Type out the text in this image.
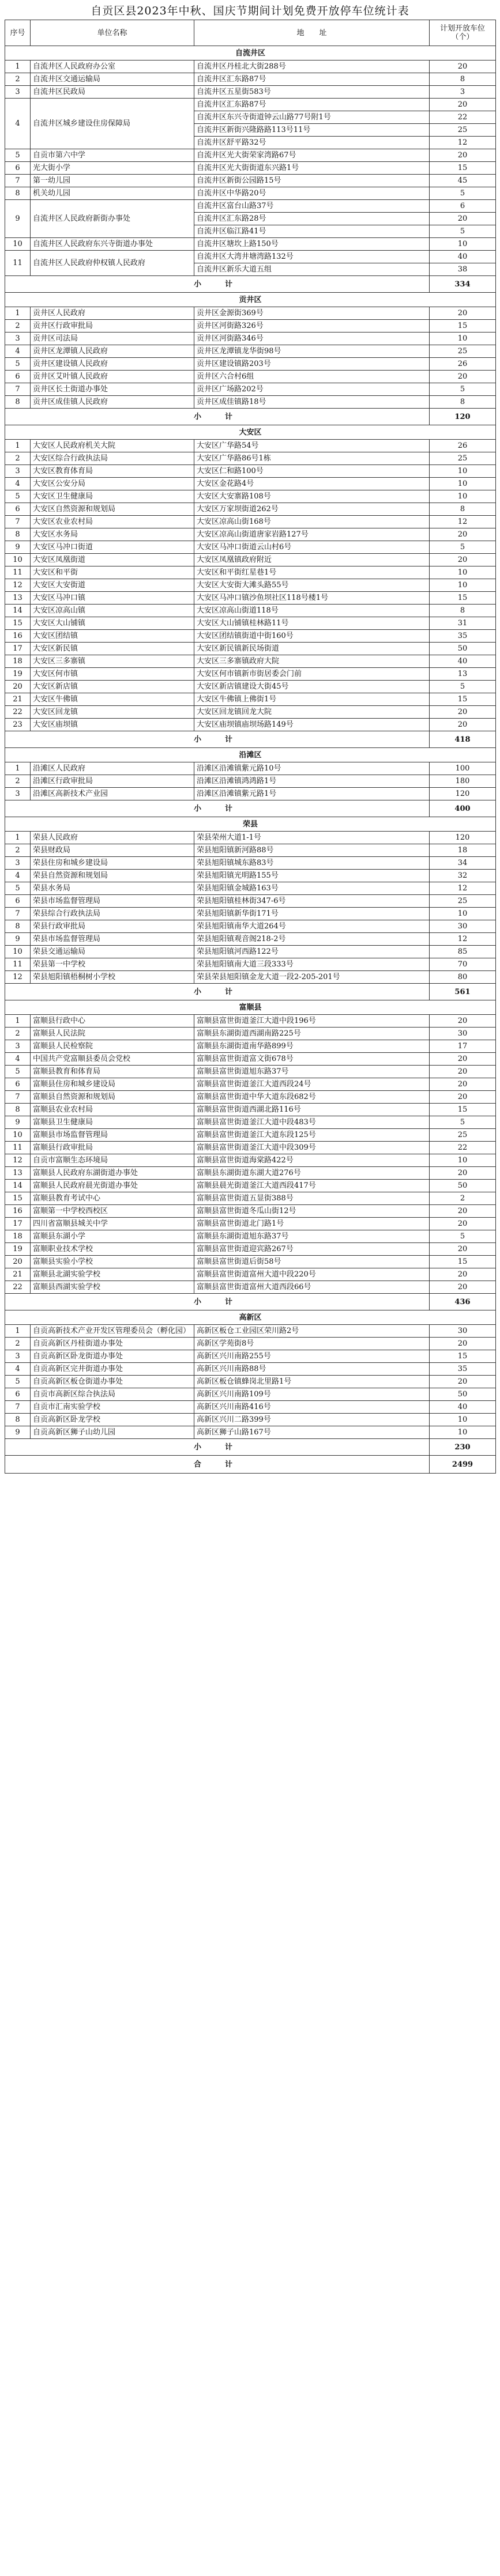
自贡区县2023年中秋、国庆节期间计划免费开放停车位统计表
序号	单位名称	地　　址	计划开放车位（个）
自流井区			
1	自流井区人民政府办公室	自流井区丹桂北大街288号	20
2	自流井区交通运输局	自流井区汇东路87号	8
3	自流井区民政局	自流井区五星街583号	3
4	自流井区城乡建设住房保障局	自流井区汇东路87号	20
		自流井区东兴寺街道钟云山路77号附1号	22
		自流井区新街兴隆路路113号11号	25
		自流井区舒平路32号	12
5	自贡市第六中学	自流井区光大街荣家湾路67号	20
6	光大街小学	自流井区光大街街道东兴路1号	15
7	第一幼儿园	自流井区新街公园路15号	45
8	机关幼儿园	自流井区中华路20号	5
9	自流井区人民政府新街办事处	自流井区富台山路37号	6
		自流井区汇东路28号	20
		自流井区临江路41号	5
10	自流井区人民政府东兴寺街道办事处	自流井区塘坎上路150号	10
11	自流井区人民政府仲权镇人民政府	自流井区大湾井塘湾路132号	40
		自流井区新乐大道五组	38
小　计			334
贡井区			
1	贡井区人民政府	贡井区金源街369号	20
2	贡井区行政审批局	贡井区河街路326号	15
3	贡井区司法局	贡井区河街路346号	10
4	贡井区龙潭镇人民政府	贡井区龙潭镇龙华街98号	25
5	贡井区建设镇人民政府	贡井区建设镇路203号	26
6	贡井区艾叶镇人民政府	贡井区六合村6组	20
7	贡井区长土街道办事处	贡井区广场路202号	5
8	贡井区成佳镇人民政府	贡井区成佳镇路18号	8
小　计			120
大安区			
1	大安区人民政府机关大院	大安区广华路54号	26
2	大安区综合行政执法局	大安区广华路86号1栋	25
3	大安区教育体育局	大安区仁和路100号	10
4	大安区公安分局	大安区金花路4号	10
5	大安区卫生健康局	大安区大安寨路108号	10
6	大安区自然资源和规划局	大安区万家坝街道262号	8
7	大安区农业农村局	大安区凉高山街168号	12
8	大安区水务局	大安区凉高山街道唐家岩路127号	20
9	大安区马冲口街道	大安区马冲口街道云山村6号	5
10	大安区凤凰街道	大安区凤凰镇政府附近	20
11	大安区和平街	大安区和平街红星巷1号	10
12	大安区大安街道	大安区大安街大滩头路55号	10
13	大安区马冲口镇	大安区马冲口镇沙鱼坝社区118号楼1号	15
14	大安区凉高山镇	大安区凉高山街道118号	8
15	大安区大山铺镇	大安区大山铺镇桂林路11号	31
16	大安区团结镇	大安区团结镇街道中街160号	35
17	大安区新民镇	大安区新民镇新民场街道	50
18	大安区三多寨镇	大安区三多寨镇政府大院	40
19	大安区何市镇	大安区何市镇新市街居委会门前	13
20	大安区新店镇	大安区新店镇建设大街45号	5
21	大安区牛佛镇	大安区牛佛镇上佛街1号	15
22	大安区回龙镇	大安区回龙镇回龙大院	20
23	大安区庙坝镇	大安区庙坝镇庙坝场路149号	20
小　计			418
沿滩区			
1	沿滩区人民政府	沿滩区沿滩镇紫元路10号	100
2	沿滩区行政审批局	沿滩区沿滩镇鸿鸿路1号	180
3	沿滩区高新技术产业园	沿滩区沿滩镇紫元路1号	120
小　计			400
荣县			
1	荣县人民政府	荣县荣州大道1-1号	120
2	荣县财政局	荣县旭阳镇新河路88号	18
3	荣县住房和城乡建设局	荣县旭阳镇城东路83号	34
4	荣县自然资源和规划局	荣县旭阳镇光明路155号	32
5	荣县水务局	荣县旭阳镇金城路163号	12
6	荣县市场监督管理局	荣县旭阳镇桂林街347-6号	25
7	荣县综合行政执法局	荣县旭阳镇新华街171号	10
8	荣县行政审批局	荣县旭阳镇南华大道264号	30
9	荣县市场监督管理局	荣县旭阳镇观音阁218-2号	12
10	荣县交通运输局	荣县旭阳镇河西路122号	85
11	荣县第一中学校	荣县旭阳镇南大道三段333号	70
12	荣县旭阳镇梧桐树小学校	荣县荣县旭阳镇金龙大道一段2-205-201号	80
小　计			561
富顺县			
1	富顺县行政中心	富顺县富世街道釜江大道中段196号	20
2	富顺县人民法院	富顺县东湖街道西湖南路225号	30
3	富顺县人民检察院	富顺县东湖街道南华路899号	17
4	中国共产党富顺县委员会党校	富顺县富世街道富文街678号	20
5	富顺县教育和体育局	富顺县富世街道旭东路37号	20
6	富顺县住房和城乡建设局	富顺县富世街道釜江大道西段24号	20
7	富顺县自然资源和规划局	富顺县富世街道中华大道东段682号	20
8	富顺县农业农村局	富顺县富世街道西湖北路116号	15
9	富顺县卫生健康局	富顺县富世街道釜江大道中段483号	5
10	富顺县市场监督管理局	富顺县富世街道釜江大道东段125号	25
11	富顺县行政审批局	富顺县富世街道釜江大道中段309号	22
12	自贡市富顺生态环境局	富顺县富世街道海棠路422号	10
13	富顺县人民政府东湖街道办事处	富顺县东湖街道东湖大道276号	20
14	富顺县人民政府晨光街道办事处	富顺县晨光街道釜江大道西段417号	50
15	富顺县教育考试中心	富顺县富世街道五显街388号	2
16	富顺第一中学校西校区	富顺县富世街道冬瓜山街12号	20
17	四川省富顺县城关中学	富顺县富世街道北门路1号	20
18	富顺县东湖小学	富顺县东湖街道旭东路37号	5
19	富顺职业技术学校	富顺县富世街道迎宾路267号	20
20	富顺县实验小学校	富顺县富世街道后街58号	15
21	富顺县北湖实验学校	富顺县富世街道富州大道中段220号	20
22	富顺县西湖实验学校	富顺县富世街道富州大道西段66号	20
小　计			436
高新区			
1	自贡高新技术产业开发区管理委员会（孵化园）	高新区板仓工业园区荣川路2号	30
2	自贡高新区丹桂街道办事处	高新区学苑街8号	20
3	自贡高新区卧龙街道办事处	高新区兴川南路255号	15
4	自贡高新区完井街道办事处	高新区兴川南路88号	35
5	自贡高新区板仓街道办事处	高新区板仓镇蜂岗北里路1号	20
6	自贡市高新区综合执法局	高新区兴川南路109号	50
7	自贡市汇南实验学校	高新区兴川南路416号	40
8	自贡高新区卧龙学校	高新区兴川二路399号	10
9	自贡高新区狮子山幼儿园	高新区狮子山路167号	10
小　计			230
合　计			2499
